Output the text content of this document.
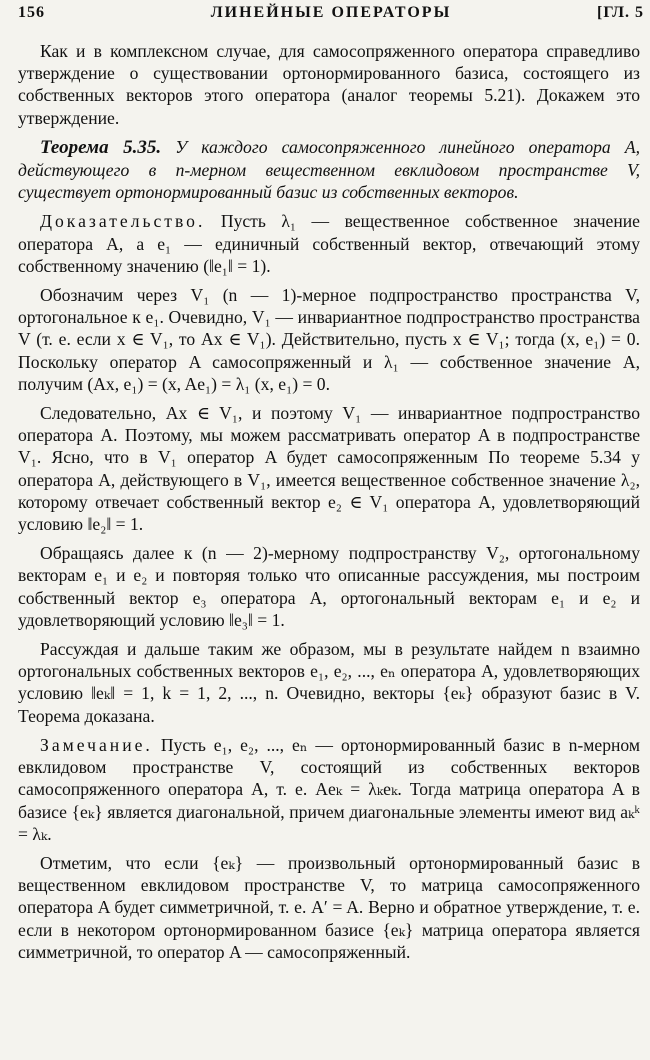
156	ЛИНЕЙНЫЕ ОПЕРАТОРЫ	[ГЛ. 5

Как и в комплексном случае, для самосопряженного оператора справедливо утверждение о существовании ортонормированного базиса, состоящего из собственных векторов этого оператора (аналог теоремы 5.21). Докажем это утверждение.

Теорема 5.35. У каждого самосопряженного линейного оператора A, действующего в n-мерном вещественном евклидовом пространстве V, существует ортонормированный базис из собственных векторов.

Доказательство. Пусть λ₁ — вещественное собственное значение оператора A, а e₁ — единичный собственный вектор, отвечающий этому собственному значению (‖e₁‖ = 1).

Обозначим через V₁ (n — 1)-мерное подпространство пространства V, ортогональное к e₁. Очевидно, V₁ — инвариантное подпространство пространства V (т. е. если x ∈ V₁, то Ax ∈ V₁). Действительно, пусть x ∈ V₁; тогда (x, e₁) = 0. Поскольку оператор A самосопряженный и λ₁ — собственное значение A, получим (Ax, e₁) = (x, Ae₁) = λ₁ (x, e₁) = 0.

Следовательно, Ax ∈ V₁, и поэтому V₁ — инвариантное подпространство оператора A. Поэтому, мы можем рассматривать оператор A в подпространстве V₁. Ясно, что в V₁ оператор A будет самосопряженным По теореме 5.34 у оператора A, действующего в V₁, имеется вещественное собственное значение λ₂, которому отвечает собственный вектор e₂ ∈ V₁ оператора A, удовлетворяющий условию ‖e₂‖ = 1.

Обращаясь далее к (n — 2)-мерному подпространству V₂, ортогональному векторам e₁ и e₂ и повторяя только что описанные рассуждения, мы построим собственный вектор e₃ оператора A, ортогональный векторам e₁ и e₂ и удовлетворяющий условию ‖e₃‖ = 1.

Рассуждая и дальше таким же образом, мы в результате найдем n взаимно ортогональных собственных векторов e₁, e₂, ..., eₙ оператора A, удовлетворяющих условию ‖eₖ‖ = 1, k = 1, 2, ..., n. Очевидно, векторы {eₖ} образуют базис в V. Теорема доказана.

Замечание. Пусть e₁, e₂, ..., eₙ — ортонормированный базис в n-мерном евклидовом пространстве V, состоящий из собственных векторов самосопряженного оператора A, т. е. Aeₖ = λₖeₖ. Тогда матрица оператора A в базисе {eₖ} является диагональной, причем диагональные элементы имеют вид aₖᵏ = λₖ.

Отметим, что если {eₖ} — произвольный ортонормированный базис в вещественном евклидовом пространстве V, то матрица самосопряженного оператора A будет симметричной, т. е. A′ = A. Верно и обратное утверждение, т. е. если в некотором ортонормированном базисе {eₖ} матрица оператора является симметричной, то оператор A — самосопряженный.
